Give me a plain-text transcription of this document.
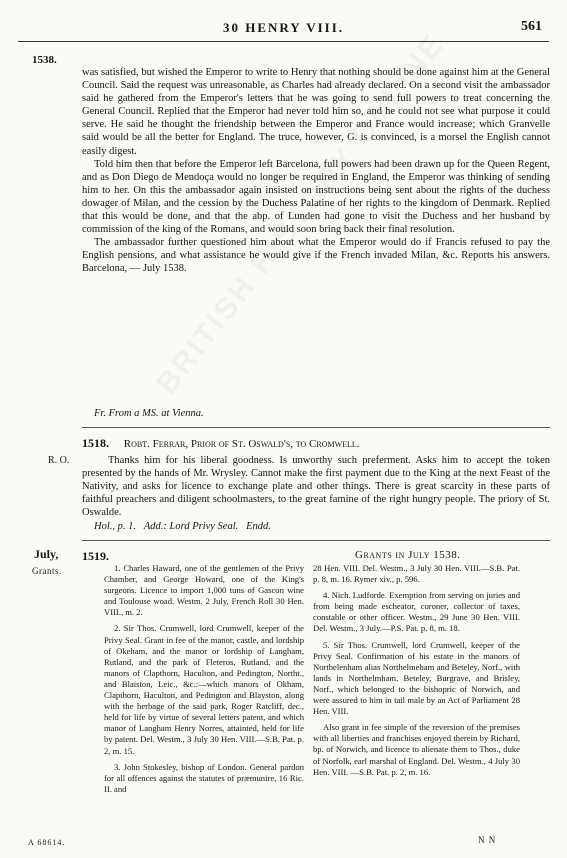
30 HENRY VIII.	561
1538.

was satisfied, but wished the Emperor to write to Henry that nothing should be done against him at the General Council. Said the request was unreasonable, as Charles had already declared. On a second visit the ambassador said he gathered from the Emperor's letters that he was going to send full powers to treat concerning the General Council. Replied that the Emperor had never told him so, and he could not see what purpose it could serve. He said he thought the friendship between the Emperor and France would increase; which Granvelle said would be all the better for England. The truce, however, G. is convinced, is a morsel the English cannot easily digest.

Told him then that before the Emperor left Barcelona, full powers had been drawn up for the Queen Regent, and as Don Diego de Mendoça would no longer be required in England, the Emperor was thinking of sending him to her. On this the ambassador again insisted on instructions being sent about the rights of the duchess dowager of Milan, and the cession by the Duchess Palatine of her rights to the kingdom of Denmark. Replied that this would be done, and that the abp. of Lunden had gone to visit the Duchess and her husband by commission of the king of the Romans, and would soon bring back their final resolution.

The ambassador further questioned him about what the Emperor would do if Francis refused to pay the English pensions, and what assistance he would give if the French invaded Milan, &c. Reports his answers. Barcelona, — July 1538.

Fr. From a MS. at Vienna.
1518. Robt. Ferrar, Prior of St. Oswald's, to Cromwell.
R. O.	Thanks him for his liberal goodness. Is unworthy such preferment. Asks him to accept the token presented by the hands of Mr. Wrysley. Cannot make the first payment due to the King at the next Feast of the Nativity, and asks for licence to exchange plate and other things. There is great scarcity in these parts of faithful preachers and diligent schoolmasters, to the great famine of the right hungry people. The priory of St. Oswalde.
Hol., p. 1. Add.: Lord Privy Seal. Endd.
July,
Grants.
1519.	Grants in July 1538.

1. Charles Haward, one of the gentlemen of the Privy Chamber, and George Howard, one of the King's surgeons. Licence to import 1,000 tuns of Gascon wine and Toulouse woad. Westm. 2 July, French Roll 30 Hen. VIII., m. 2.

2. Sir Thos. Crumwell, lord Crumwell, keeper of the Privy Seal. Grant in fee of the manor, castle, and lordship of Okeham, and the manor or lordship of Langham, Rutland, and the park of Fleteros, Rutland, and the manors of Clapthorn, Haculton, and Pedington, Northt., and Blaiston, Leic., &c.:—which manors of Okham, Clapthorn, Haculton, and Pedington and Blayston, along with the herbage of the said park, Roger Ratcliff, dec., held for life by virtue of several letters patent, and which manor of Langham Henry Norres, attainted, held for life by patent. Del. Westm., 3 July 30 Hen. VIII.—S.B. Pat. p. 2, m. 15.

3. John Stokesley, bishop of London. General pardon for all offences against the statutes of præmunire, 16 Ric. II. and

28 Hen. VIII. Del. Westm., 3 July 30 Hen. VIII.—S.B. Pat. p. 8, m. 16. Rymer xiv., p. 596.

4. Nich. Ludforde. Exemption from serving on juries and from being made escheator, coroner, collector of taxes, constable or other officer. Westm., 29 June 30 Hen. VIII. Del. Westm., 3 July.—P.S. Pat. p. 8, m. 18.

5. Sir Thos. Crumwell, lord Crumwell, keeper of the Privy Seal. Confirmation of his estate in the manors of Northelenham alias Northelmeham and Beteley, Norf., with lands in Northelmham, Beteley, Burgrave, and Brisley, Norf., which belonged to the bishopric of Norwich, and were assured to him in tail male by an Act of Parliament 28 Hen. VIII.

Also grant in fee simple of the reversion of the premises with all liberties and franchises enjoyed therein by Richard, bp. of Norwich, and licence to alienate them to Thos., duke of Norfolk, earl marshal of England. Del. Westm., 4 July 30 Hen. VIII. —S.B. Pat. p. 2, m. 16.

A 68614.	N N
